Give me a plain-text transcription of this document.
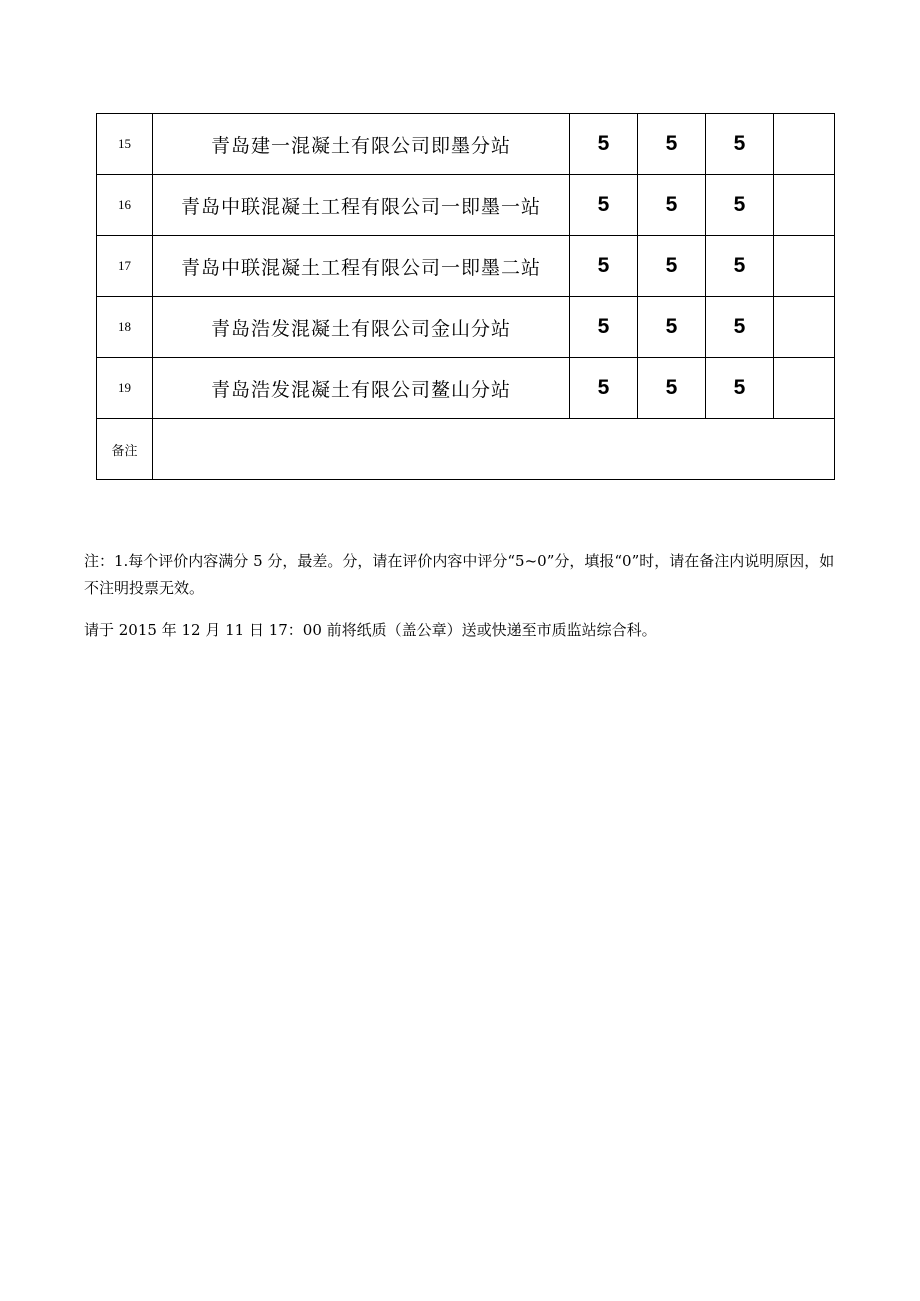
15	青岛建一混凝土有限公司即墨分站	5	5	5	
16	青岛中联混凝土工程有限公司一即墨一站	5	5	5	
17	青岛中联混凝土工程有限公司一即墨二站	5	5	5	
18	青岛浩发混凝土有限公司金山分站	5	5	5	
19	青岛浩发混凝土有限公司鳌山分站	5	5	5	
备注					

注：1.每个评价内容满分 5 分，最差。分，请在评价内容中评分“5~0”分，填报“0”时，请在备注内说明原因，如不注明投票无效。

请于 2015 年 12 月 11 日 17：00 前将纸质（盖公章）送或快递至市质监站综合科。
